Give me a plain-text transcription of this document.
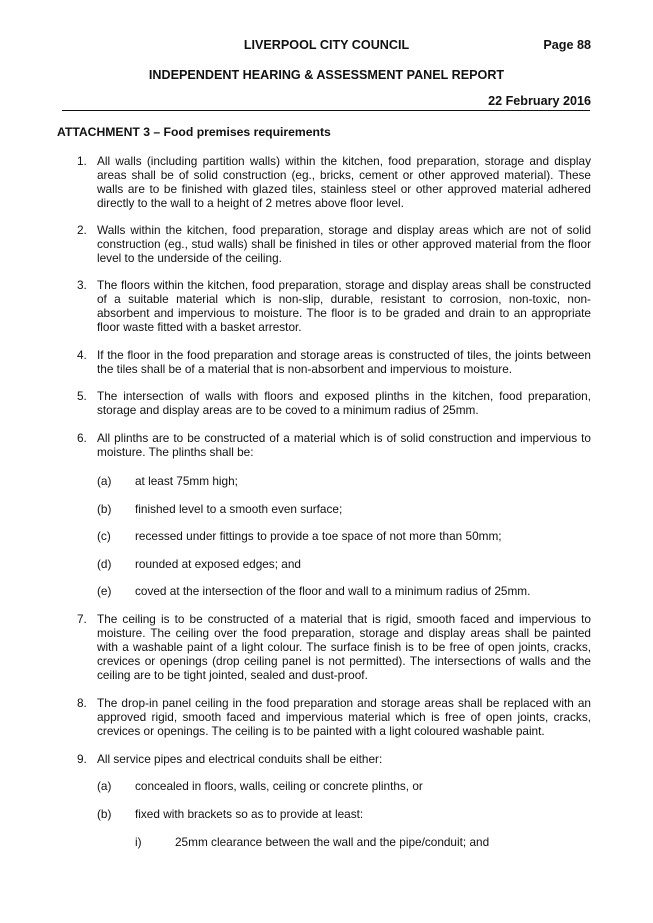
LIVERPOOL CITY COUNCIL	Page 88
INDEPENDENT HEARING & ASSESSMENT PANEL REPORT
22 February 2016
ATTACHMENT 3 – Food premises requirements
1. All walls (including partition walls) within the kitchen, food preparation, storage and display areas shall be of solid construction (eg., bricks, cement or other approved material). These walls are to be finished with glazed tiles, stainless steel or other approved material adhered directly to the wall to a height of 2 metres above floor level.
2. Walls within the kitchen, food preparation, storage and display areas which are not of solid construction (eg., stud walls) shall be finished in tiles or other approved material from the floor level to the underside of the ceiling.
3. The floors within the kitchen, food preparation, storage and display areas shall be constructed of a suitable material which is non-slip, durable, resistant to corrosion, non-toxic, non-absorbent and impervious to moisture. The floor is to be graded and drain to an appropriate floor waste fitted with a basket arrestor.
4. If the floor in the food preparation and storage areas is constructed of tiles, the joints between the tiles shall be of a material that is non-absorbent and impervious to moisture.
5. The intersection of walls with floors and exposed plinths in the kitchen, food preparation, storage and display areas are to be coved to a minimum radius of 25mm.
6. All plinths are to be constructed of a material which is of solid construction and impervious to moisture. The plinths shall be:
(a) at least 75mm high;
(b) finished level to a smooth even surface;
(c) recessed under fittings to provide a toe space of not more than 50mm;
(d) rounded at exposed edges; and
(e) coved at the intersection of the floor and wall to a minimum radius of 25mm.
7. The ceiling is to be constructed of a material that is rigid, smooth faced and impervious to moisture. The ceiling over the food preparation, storage and display areas shall be painted with a washable paint of a light colour. The surface finish is to be free of open joints, cracks, crevices or openings (drop ceiling panel is not permitted). The intersections of walls and the ceiling are to be tight jointed, sealed and dust-proof.
8. The drop-in panel ceiling in the food preparation and storage areas shall be replaced with an approved rigid, smooth faced and impervious material which is free of open joints, cracks, crevices or openings. The ceiling is to be painted with a light coloured washable paint.
9. All service pipes and electrical conduits shall be either:
(a) concealed in floors, walls, ceiling or concrete plinths, or
(b) fixed with brackets so as to provide at least:
i)	25mm clearance between the wall and the pipe/conduit; and
